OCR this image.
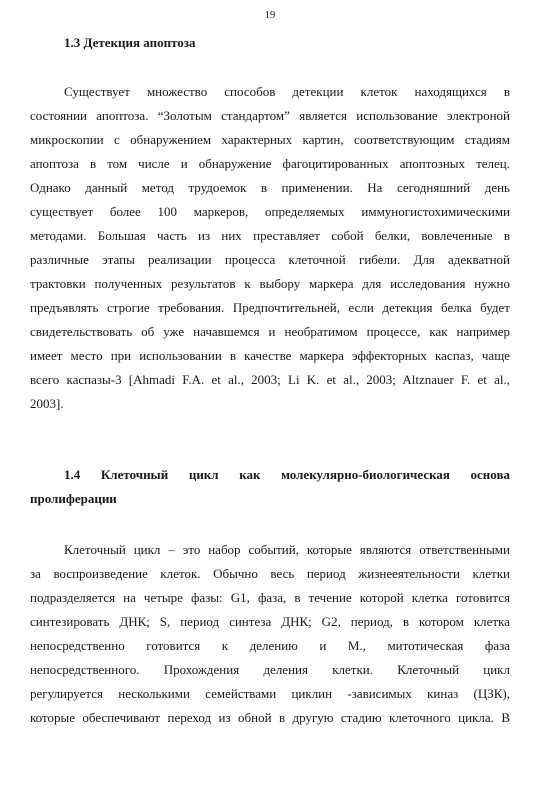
19
1.3 Детекция апоптоза
Существует множество способов детекции клеток находящихся в
состоянии апоптоза. “Золотым стандартом” является использование электроной
микроскопии с обнаружением характерных картин, соответствующим стадиям
апоптоза в том числе и обнаружение фагоцитированных апоптозных телец.
Однако данный метод трудоемок в применении. На сегодняшний день
существует более 100 маркеров, определяемых иммуногистохимическими
методами. Большая часть из них преставляет собой белки, вовлеченные в
различные этапы реализации процесса клеточной гибели. Для адекватной
трактовки полученных результатов к выбору маркера для исследования нужно
предъявлять строгие требования. Предпочтительней, если детекция белка будет
свидетельствовать об уже начавшемся и необратимом процессе, как например
имеет место при использовании в качестве маркера эффекторных каспаз, чаще
всего каспазы-3 [Ahmadi F.A. et al., 2003; Li K. et al., 2003; Altznauer F. et al.,
2003].
1.4 Клеточный цикл как молекулярно-биологическая основа
пролиферации
Клеточный цикл – это набор событий, которые являются ответственными
за воспроизведение клеток. Обычно весь период жизнееятельности клетки
подразделяется на четыре фазы: G1, фаза, в течение которой клетка готовится
синтезировать ДНК; S, период синтеза ДНК; G2, период, в котором клетка
непосредственно готовится к делению и М., митотическая фаза
непосредственного. Прохождения деления клетки. Клеточный цикл
регулируется несколькими семействами циклин -зависимых киназ (ЦЗК),
которые обеспечивают переход из обной в другую стадию клеточного цикла. В
